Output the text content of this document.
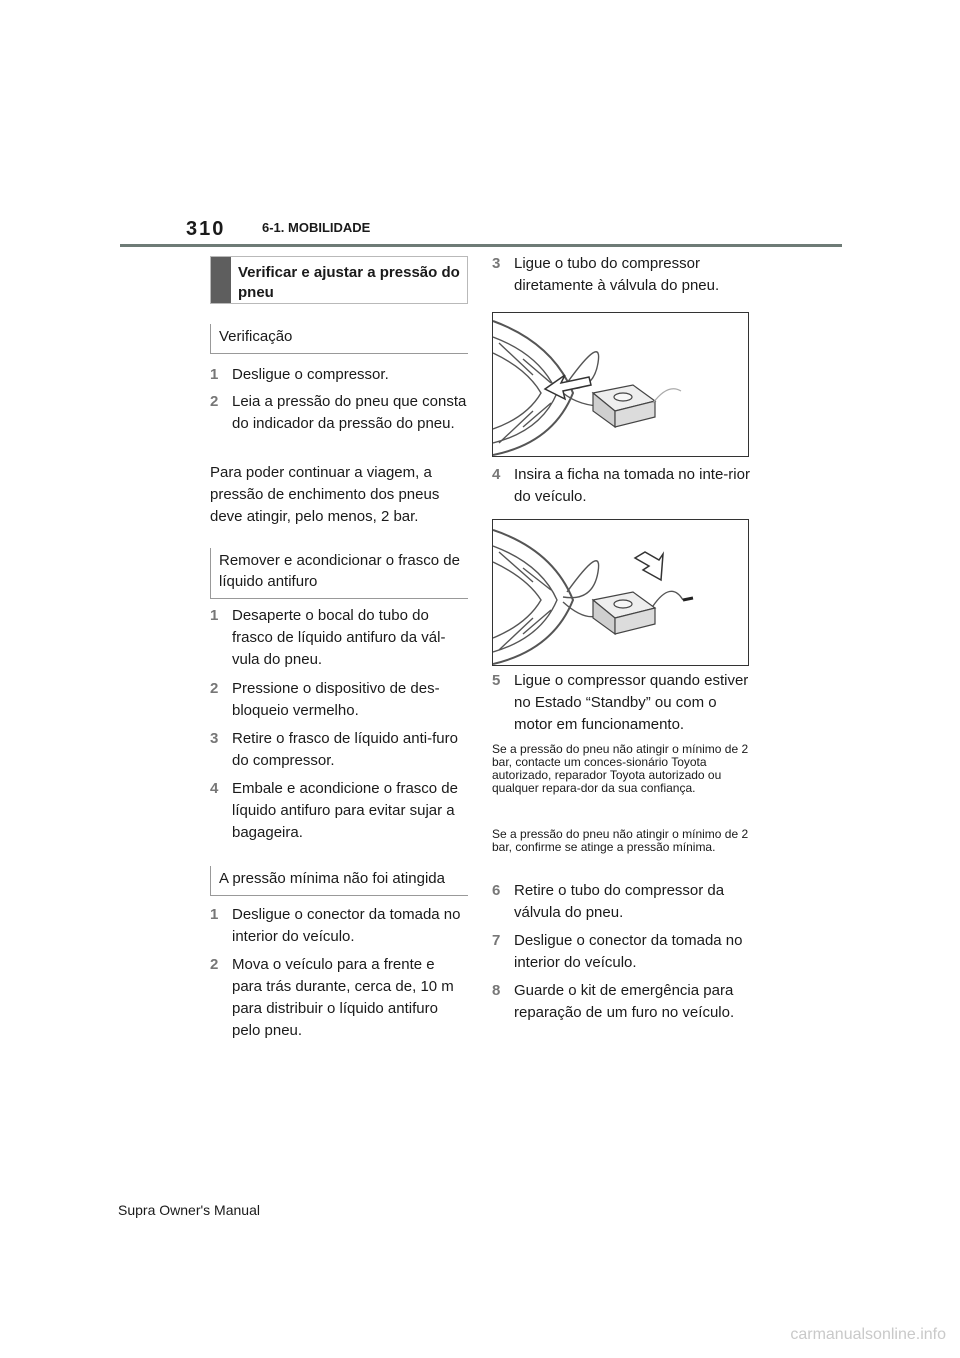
310	6-1. MOBILIDADE
Verificar e ajustar a pressão do pneu
Verificação
1 Desligue o compressor.
2 Leia a pressão do pneu que consta do indicador da pressão do pneu.
Para poder continuar a viagem, a pressão de enchimento dos pneus deve atingir, pelo menos, 2 bar.
Remover e acondicionar o frasco de líquido antifuro
1 Desaperte o bocal do tubo do frasco de líquido antifuro da vál-vula do pneu.
2 Pressione o dispositivo de des-bloqueio vermelho.
3 Retire o frasco de líquido anti-furo do compressor.
4 Embale e acondicione o frasco de líquido antifuro para evitar sujar a bagageira.
A pressão mínima não foi atingida
1 Desligue o conector da tomada no interior do veículo.
2 Mova o veículo para a frente e para trás durante, cerca de, 10 m para distribuir o líquido antifuro pelo pneu.
3 Ligue o tubo do compressor diretamente à válvula do pneu.
4 Insira a ficha na tomada no inte-rior do veículo.
5 Ligue o compressor quando estiver no Estado “Standby” ou com o motor em funcionamento.
Se a pressão do pneu não atingir o mínimo de 2 bar, contacte um conces-sionário Toyota autorizado, reparador Toyota autorizado ou qualquer repara-dor da sua confiança.
Se a pressão do pneu não atingir o mínimo de 2 bar, confirme se atinge a pressão mínima.
6 Retire o tubo do compressor da válvula do pneu.
7 Desligue o conector da tomada no interior do veículo.
8 Guarde o kit de emergência para reparação de um furo no veículo.
Supra Owner's Manual
carmanualsonline.info
